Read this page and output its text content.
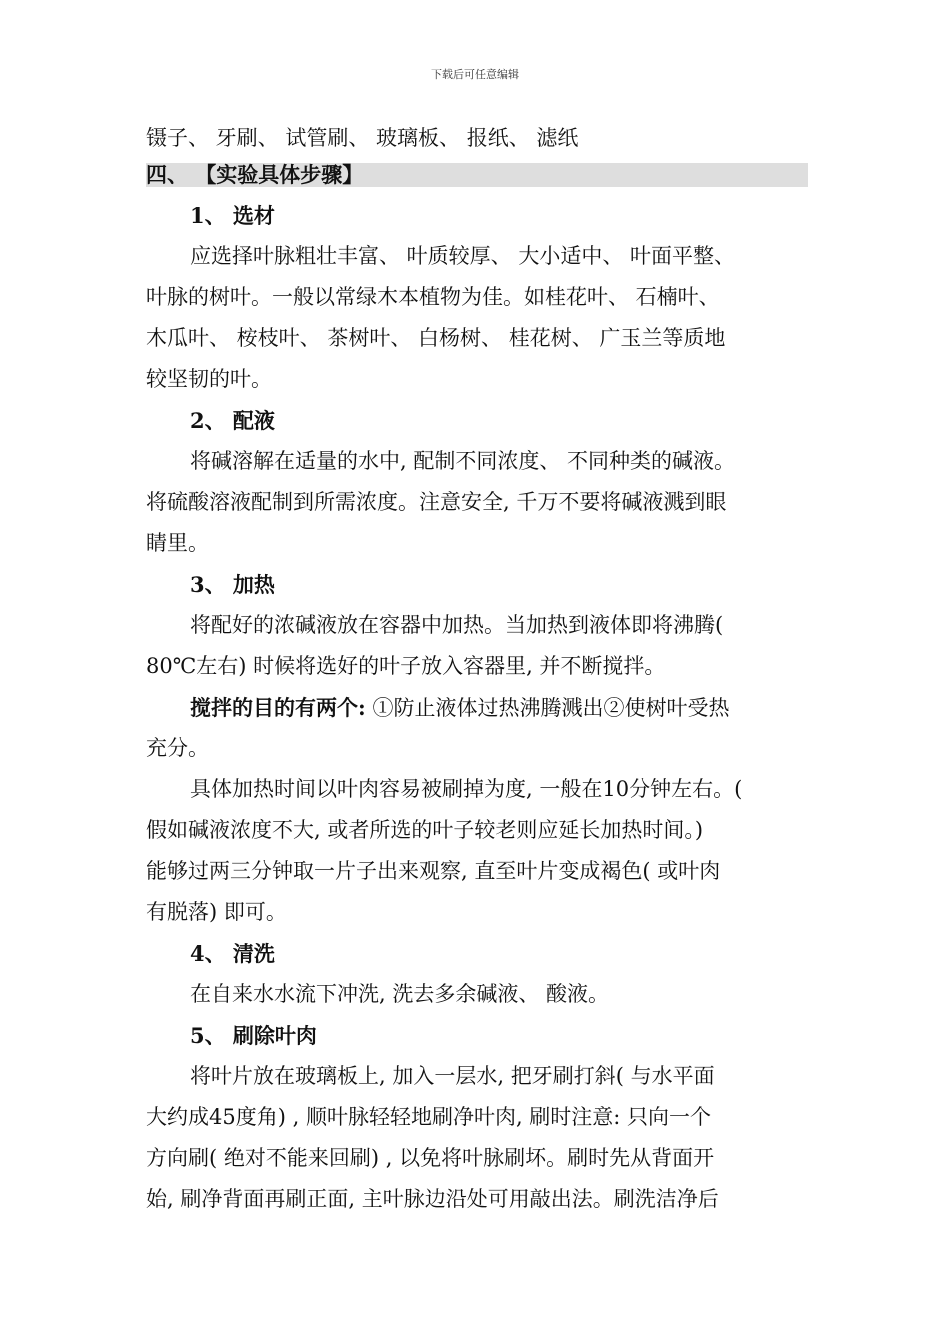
下载后可任意编辑
镊子、 牙刷、 试管刷、 玻璃板、 报纸、 滤纸
四、 【实验具体步骤】
1、 选材
应选择叶脉粗壮丰富、 叶质较厚、 大小适中、 叶面平整、
叶脉的树叶。一般以常绿木本植物为佳。如桂花叶、 石楠叶、
木瓜叶、 桉枝叶、 茶树叶、 白杨树、 桂花树、 广玉兰等质地
较坚韧的叶。
2、 配液
将碱溶解在适量的水中, 配制不同浓度、 不同种类的碱液。
将硫酸溶液配制到所需浓度。注意安全, 千万不要将碱液溅到眼
睛里。
3、 加热
将配好的浓碱液放在容器中加热。当加热到液体即将沸腾(
80℃左右) 时候将选好的叶子放入容器里, 并不断搅拌。
搅拌的目的有两个: ①防止液体过热沸腾溅出②使树叶受热
充分。
具体加热时间以叶肉容易被刷掉为度, 一般在10分钟左右。(
假如碱液浓度不大, 或者所选的叶子较老则应延长加热时间。)
能够过两三分钟取一片子出来观察, 直至叶片变成褐色( 或叶肉
有脱落) 即可。
4、 清洗
在自来水水流下冲洗, 洗去多余碱液、 酸液。
5、 刷除叶肉
将叶片放在玻璃板上, 加入一层水, 把牙刷打斜( 与水平面
大约成45度角) , 顺叶脉轻轻地刷净叶肉, 刷时注意: 只向一个
方向刷( 绝对不能来回刷) , 以免将叶脉刷坏。刷时先从背面开
始, 刷净背面再刷正面, 主叶脉边沿处可用敲出法。刷洗洁净后
